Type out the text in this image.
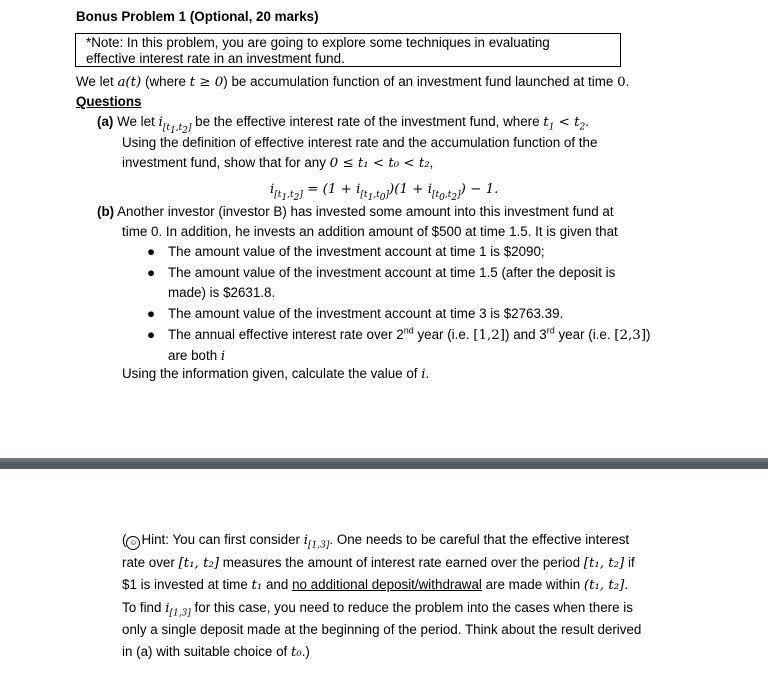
Bonus Problem 1 (Optional, 20 marks)
*Note: In this problem, you are going to explore some techniques in evaluating
effective interest rate in an investment fund.
We let a(t) (where t ≥ 0) be accumulation function of an investment fund launched at time 0.
Questions
(a) We let $i_{[t_1,t_2]}$ be the effective interest rate of the investment fund, where $t_1 < t_2$.
Using the definition of effective interest rate and the accumulation function of the
investment fund, show that for any 0 ≤ t₁ < t₀ < t₂,
$i_{[t_1,t_2]} = (1 + i_{[t_1,t_0]})(1 + i_{[t_0,t_2]}) - 1$.
(b) Another investor (investor B) has invested some amount into this investment fund at
time 0. In addition, he invests an addition amount of $500 at time 1.5. It is given that
● The amount value of the investment account at time 1 is $2090;
● The amount value of the investment account at time 1.5 (after the deposit is
made) is $2631.8.
● The amount value of the investment account at time 3 is $2763.39.
● The annual effective interest rate over 2nd year (i.e. [1,2]) and 3rd year (i.e. [2,3])
are both i
Using the information given, calculate the value of i.
( ☺ Hint: You can first consider $i_{[1,3]}$. One needs to be careful that the effective interest
rate over [t₁, t₂] measures the amount of interest rate earned over the period [t₁, t₂] if
$1 is invested at time t₁ and no additional deposit/withdrawal are made within (t₁, t₂].
To find $i_{[1,3]}$ for this case, you need to reduce the problem into the cases when there is
only a single deposit made at the beginning of the period. Think about the result derived
in (a) with suitable choice of t₀.)
